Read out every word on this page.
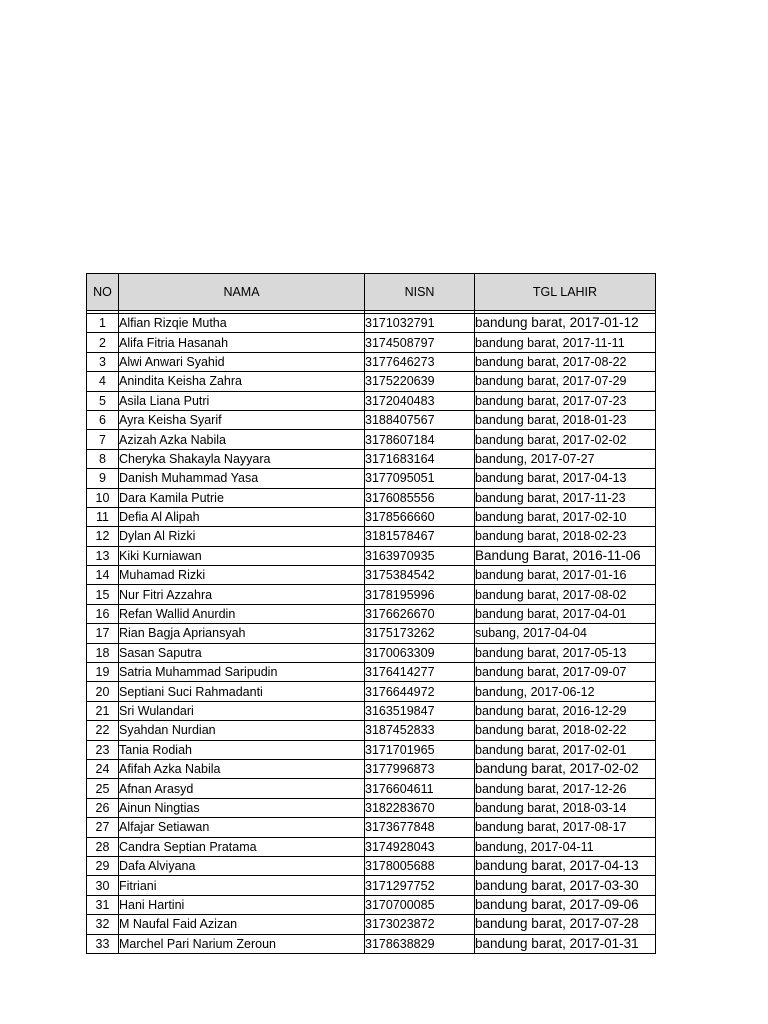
NO	NAMA	NISN	TGL LAHIR

1	Alfian Rizqie Mutha	3171032791	bandung barat, 2017-01-12
2	Alifa Fitria Hasanah	3174508797	bandung barat, 2017-11-11
3	Alwi Anwari Syahid	3177646273	bandung barat, 2017-08-22
4	Anindita Keisha Zahra	3175220639	bandung barat, 2017-07-29
5	Asila Liana Putri	3172040483	bandung barat, 2017-07-23
6	Ayra Keisha Syarif	3188407567	bandung barat, 2018-01-23
7	Azizah Azka Nabila	3178607184	bandung barat, 2017-02-02
8	Cheryka Shakayla Nayyara	3171683164	bandung, 2017-07-27
9	Danish Muhammad Yasa	3177095051	bandung barat, 2017-04-13
10	Dara Kamila Putrie	3176085556	bandung barat, 2017-11-23
11	Defia Al Alipah	3178566660	bandung barat, 2017-02-10
12	Dylan Al Rizki	3181578467	bandung barat, 2018-02-23
13	Kiki Kurniawan	3163970935	Bandung Barat, 2016-11-06
14	Muhamad Rizki	3175384542	bandung barat, 2017-01-16
15	Nur Fitri Azzahra	3178195996	bandung barat, 2017-08-02
16	Refan Wallid Anurdin	3176626670	bandung barat, 2017-04-01
17	Rian Bagja Apriansyah	3175173262	subang, 2017-04-04
18	Sasan Saputra	3170063309	bandung barat, 2017-05-13
19	Satria Muhammad Saripudin	3176414277	bandung barat, 2017-09-07
20	Septiani Suci Rahmadanti	3176644972	bandung, 2017-06-12
21	Sri Wulandari	3163519847	bandung barat, 2016-12-29
22	Syahdan Nurdian	3187452833	bandung barat, 2018-02-22
23	Tania Rodiah	3171701965	bandung barat, 2017-02-01
24	Afifah Azka Nabila	3177996873	bandung barat, 2017-02-02
25	Afnan Arasyd	3176604611	bandung barat, 2017-12-26
26	Ainun Ningtias	3182283670	bandung barat, 2018-03-14
27	Alfajar Setiawan	3173677848	bandung barat, 2017-08-17
28	Candra Septian Pratama	3174928043	bandung, 2017-04-11
29	Dafa Alviyana	3178005688	bandung barat, 2017-04-13
30	Fitriani	3171297752	bandung barat, 2017-03-30
31	Hani Hartini	3170700085	bandung barat, 2017-09-06
32	M Naufal Faid Azizan	3173023872	bandung barat, 2017-07-28
33	Marchel Pari Narium Zeroun	3178638829	bandung barat, 2017-01-31
